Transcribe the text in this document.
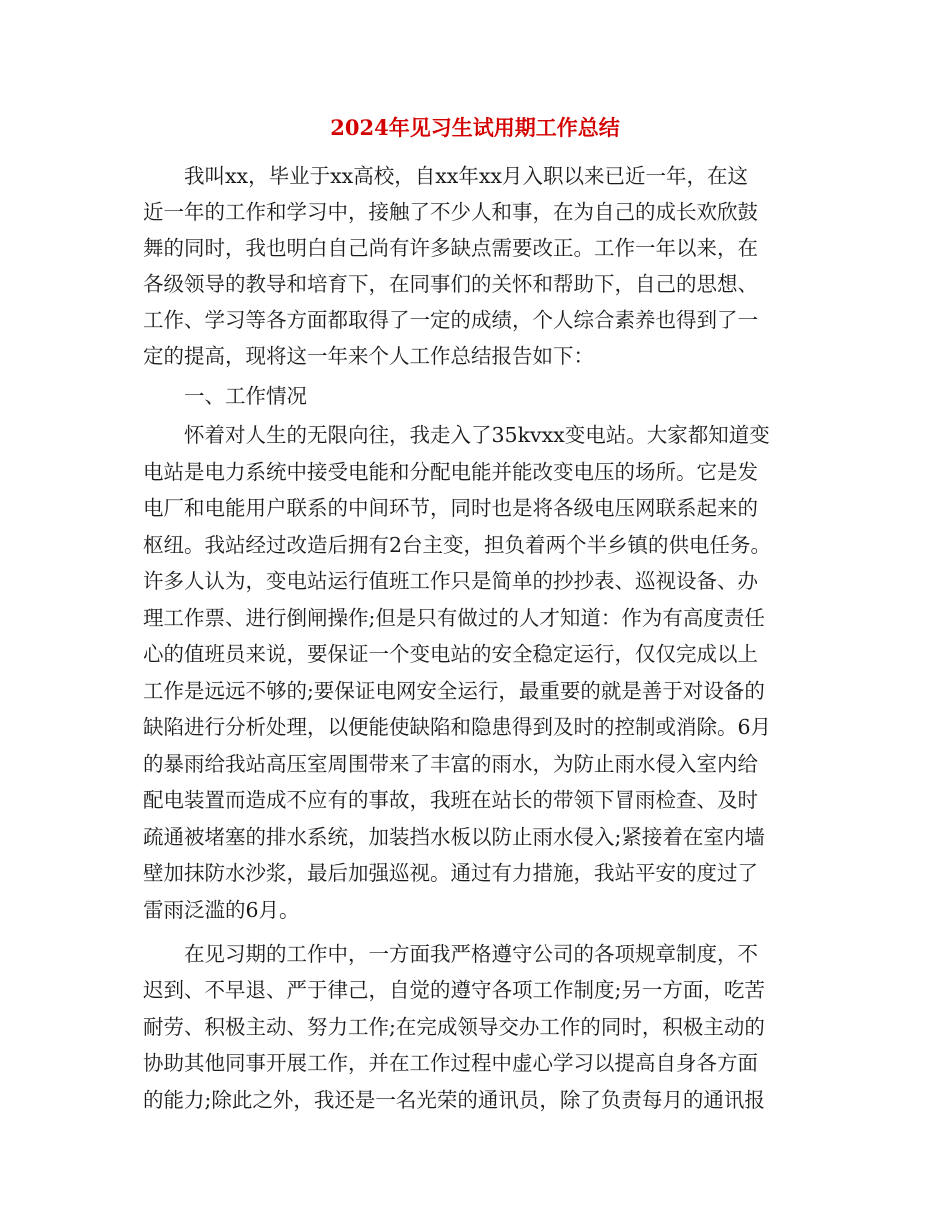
2024年见习生试用期工作总结
　　我叫xx，毕业于xx高校，自xx年xx月入职以来已近一年，在这
近一年的工作和学习中，接触了不少人和事，在为自己的成长欢欣鼓
舞的同时，我也明白自己尚有许多缺点需要改正。工作一年以来，在
各级领导的教导和培育下，在同事们的关怀和帮助下，自己的思想、
工作、学习等各方面都取得了一定的成绩，个人综合素养也得到了一
定的提高，现将这一年来个人工作总结报告如下：
　　一、工作情况
　　怀着对人生的无限向往，我走入了35kvxx变电站。大家都知道变
电站是电力系统中接受电能和分配电能并能改变电压的场所。它是发
电厂和电能用户联系的中间环节，同时也是将各级电压网联系起来的
枢纽。我站经过改造后拥有2台主变，担负着两个半乡镇的供电任务。
许多人认为，变电站运行值班工作只是简单的抄抄表、巡视设备、办
理工作票、进行倒闸操作;但是只有做过的人才知道：作为有高度责任
心的值班员来说，要保证一个变电站的安全稳定运行，仅仅完成以上
工作是远远不够的;要保证电网安全运行，最重要的就是善于对设备的
缺陷进行分析处理，以便能使缺陷和隐患得到及时的控制或消除。6月
的暴雨给我站高压室周围带来了丰富的雨水，为防止雨水侵入室内给
配电装置而造成不应有的事故，我班在站长的带领下冒雨检查、及时
疏通被堵塞的排水系统，加装挡水板以防止雨水侵入;紧接着在室内墙
壁加抹防水沙浆，最后加强巡视。通过有力措施，我站平安的度过了
雷雨泛滥的6月。
　　在见习期的工作中，一方面我严格遵守公司的各项规章制度，不
迟到、不早退、严于律己，自觉的遵守各项工作制度;另一方面，吃苦
耐劳、积极主动、努力工作;在完成领导交办工作的同时，积极主动的
协助其他同事开展工作，并在工作过程中虚心学习以提高自身各方面
的能力;除此之外，我还是一名光荣的通讯员，除了负责每月的通讯报
